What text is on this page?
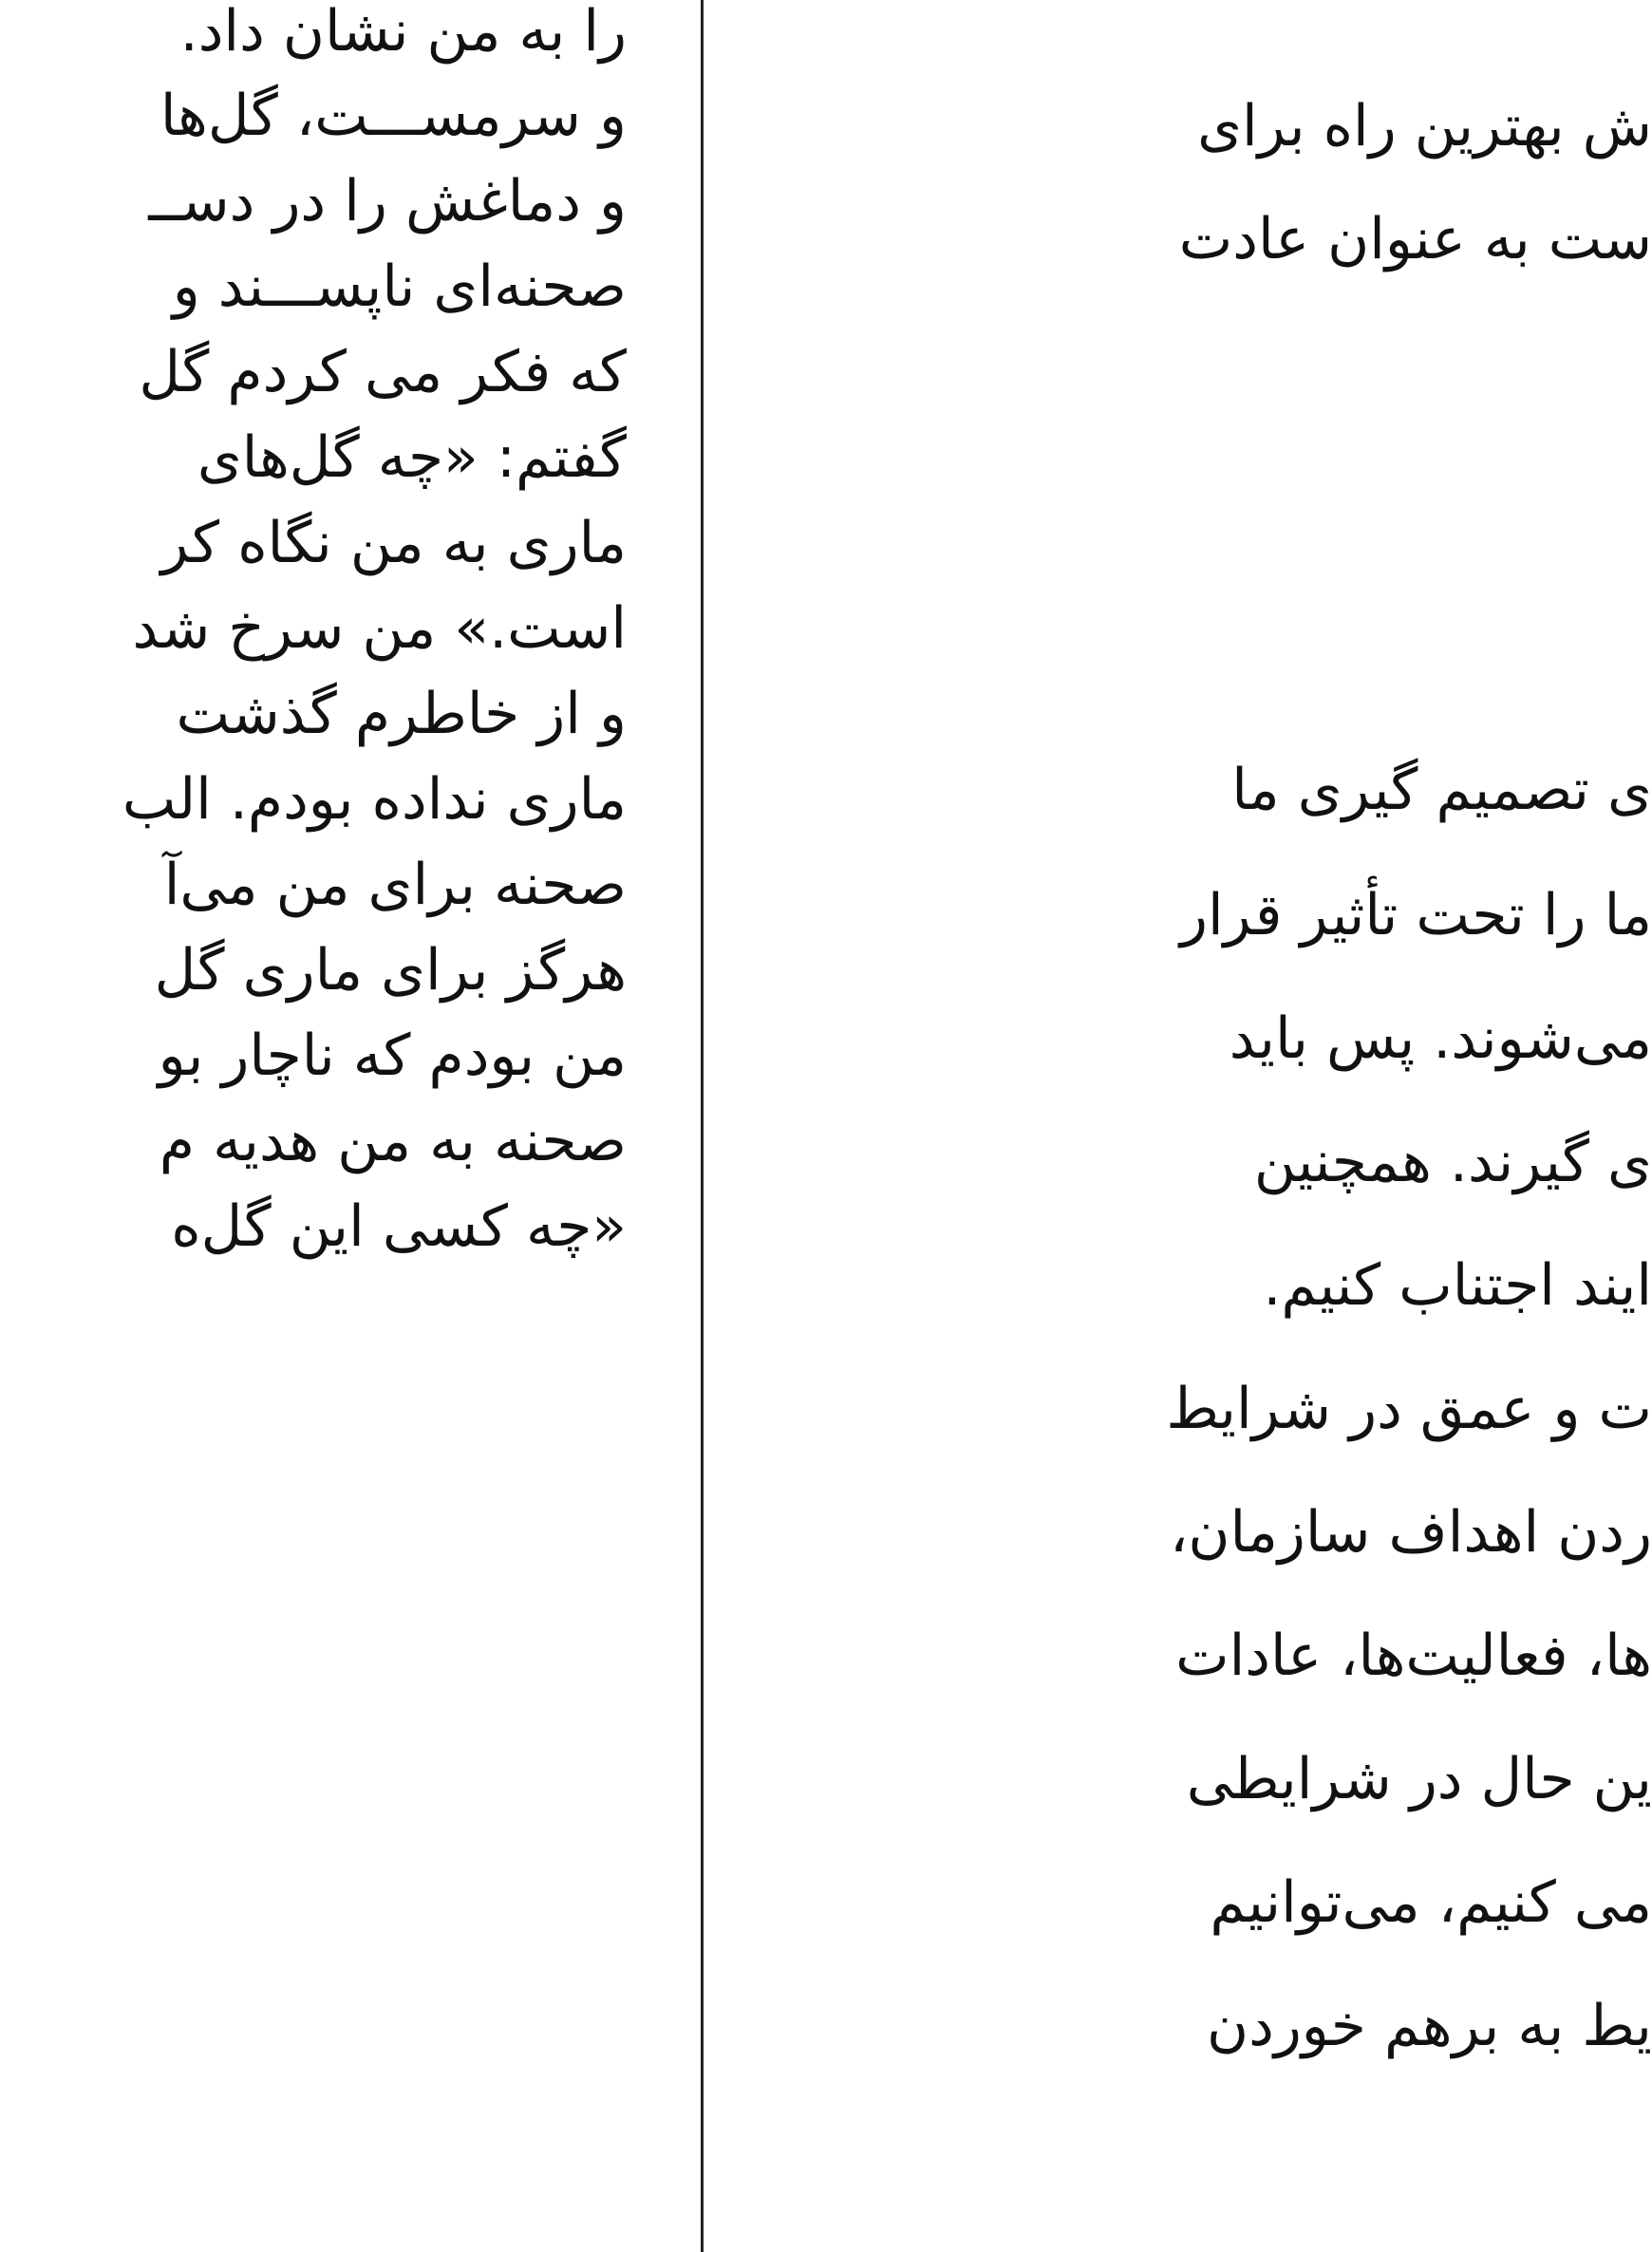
را به من نشان داد.
و سرمســـت، گل‌ها
و دماغش را در دســ
صحنه‌ای ناپســـند و
که فکر می کردم گل
گفتم: «چه گل‌های
ماری به من نگاه کر
است.» من سرخ شد
و از خاطرم گذشت
ماری نداده بودم. الب
صحنه برای من می‌آ
هرگز برای ماری گل
من بودم که ناچار بو
صحنه به من هدیه م
«چه کسی این گل‌ه
ش بهترین راه برای
ست به عنوان عادت
ی تصمیم گیری ما
ما را تحت تأثیر قرار
می‌شوند. پس باید
ی گیرند. همچنین
ایند اجتناب کنیم.
ت و عمق در شرایط
ردن اهداف سازمان،
ها، فعالیت‌ها، عادات
ین حال در شرایطی
می کنیم، می‌توانیم
یط به برهم خوردن
